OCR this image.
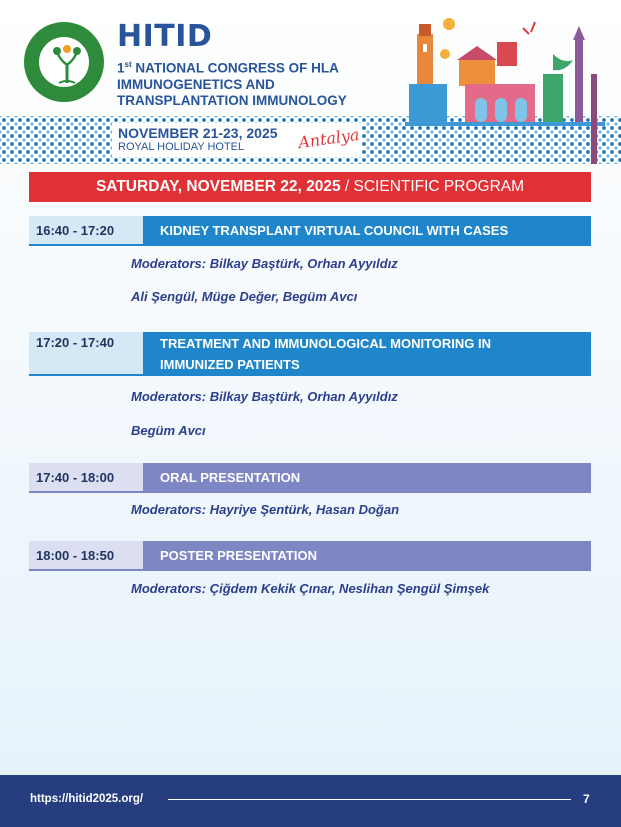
HITID
1st NATIONAL CONGRESS OF HLA
IMMUNOGENETICS AND
TRANSPLANTATION IMMUNOLOGY
NOVEMBER 21-23, 2025
ROYAL HOLIDAY HOTEL	Antalya
SATURDAY, NOVEMBER 22, 2025 / SCIENTIFIC PROGRAM
16:40 - 17:20	KIDNEY TRANSPLANT VIRTUAL COUNCIL WITH CASES
Moderators: Bilkay Baştürk, Orhan Ayyıldız
Ali Şengül, Müge Değer, Begüm Avcı
17:20 - 17:40	TREATMENT AND IMMUNOLOGICAL MONITORING IN
IMMUNIZED PATIENTS
Moderators: Bilkay Baştürk, Orhan Ayyıldız
Begüm Avcı
17:40 - 18:00	ORAL PRESENTATION
Moderators: Hayriye Şentürk, Hasan Doğan
18:00 - 18:50	POSTER PRESENTATION
Moderators: Çiğdem Kekik Çınar, Neslihan Şengül Şimşek
https://hitid2025.org/	7
